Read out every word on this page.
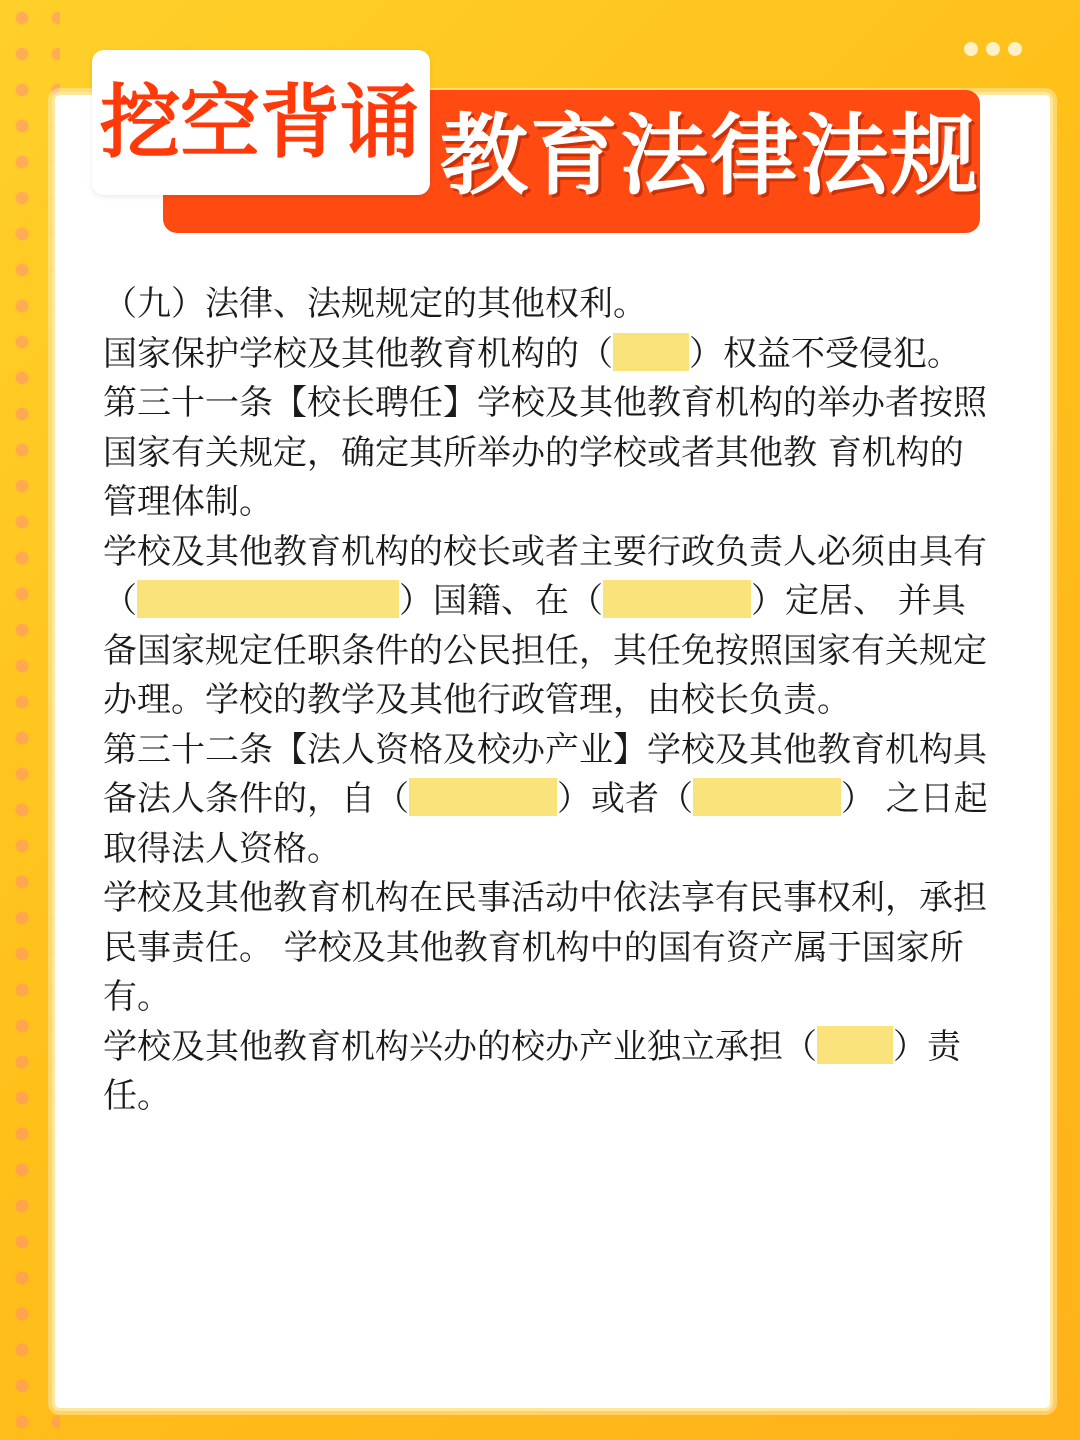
教育法律法规
挖空背诵

（九）法律、法规规定的其他权利。

国家保护学校及其他教育机构的（ ）权益不受侵犯。

第三十一条【校长聘任】学校及其他教育机构的举办者按照国家有关规定，确定其所举办的学校或者其他教 育机构的管理体制。

学校及其他教育机构的校长或者主要行政负责人必须由具有（	）国籍、在（	）定居、 并具备国家规定任职条件的公民担任，其任免按照国家有关规定办理。学校的教学及其他行政管理，由校长负责。

第三十二条【法人资格及校办产业】学校及其他教育机构具备法人条件的，自（	）或者（	） 之日起取得法人资格。

学校及其他教育机构在民事活动中依法享有民事权利，承担民事责任。 学校及其他教育机构中的国有资产属于国家所有。

学校及其他教育机构兴办的校办产业独立承担（ ）责任。
